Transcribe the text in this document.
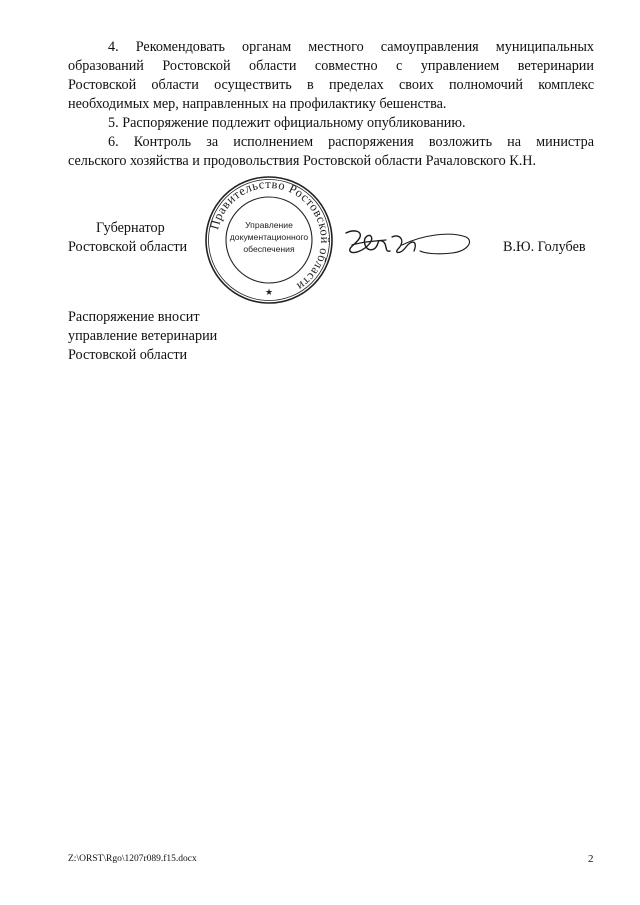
4. Рекомендовать органам местного самоуправления муниципальных
образований Ростовской области совместно с управлением ветеринарии
Ростовской области осуществить в пределах своих полномочий комплекс
необходимых мер, направленных на профилактику бешенства.

5. Распоряжение подлежит официальному опубликованию.

6. Контроль за исполнением распоряжения возложить на министра
сельского хозяйства и продовольствия Ростовской области Рачаловского К.Н.

Губернатор
Ростовской области
Правительство Ростовской области
Управление
документационного
обеспечения
★
В.Ю. Голубев
Распоряжение вносит
управление ветеринарии
Ростовской области
Z:\ORST\Rgo\1207r089.f15.docx	2
